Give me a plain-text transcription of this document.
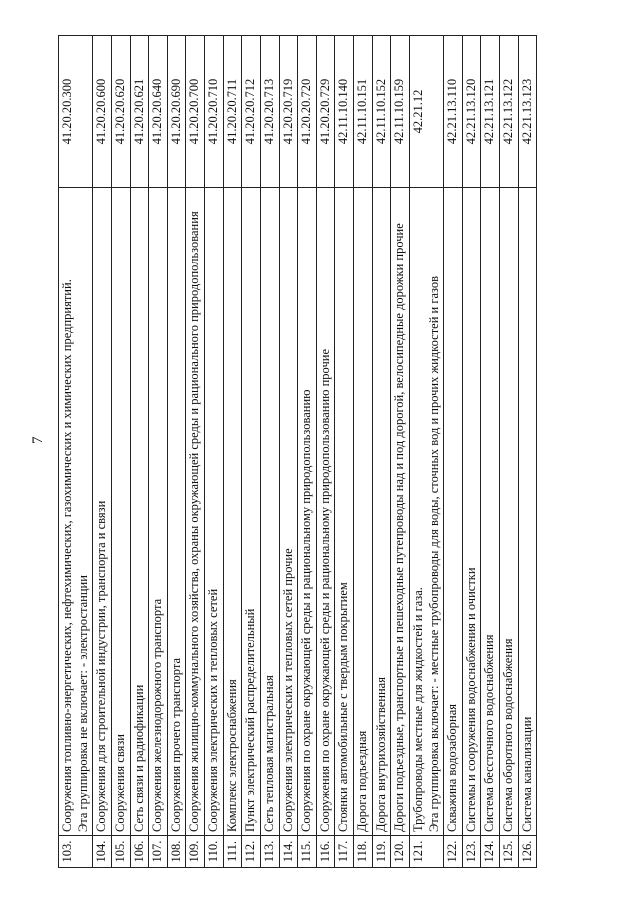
7
103.	Сооружения топливно-энергетических, нефтехимических, газохимических и химических предприятий. Эта группировка не включает: - электростанции	41.20.20.300
104.	Сооружения для строительной индустрии, транспорта и связи	41.20.20.600
105.	Сооружения связи	41.20.20.620
106.	Сеть связи и радиофикации	41.20.20.621
107.	Сооружения железнодорожного транспорта	41.20.20.640
108.	Сооружения прочего транспорта	41.20.20.690
109.	Сооружения жилищно-коммунального хозяйства, охраны окружающей среды и рационального природопользования	41.20.20.700
110.	Сооружения электрических и тепловых сетей	41.20.20.710
111.	Комплекс электроснабжения	41.20.20.711
112.	Пункт электрический распределительный	41.20.20.712
113.	Сеть тепловая магистральная	41.20.20.713
114.	Сооружения электрических и тепловых сетей прочие	41.20.20.719
115.	Сооружения по охране окружающей среды и рациональному природопользованию	41.20.20.720
116.	Сооружения по охране окружающей среды и рациональному природопользованию прочие	41.20.20.729
117.	Стоянки автомобильные с твердым покрытием	42.11.10.140
118.	Дорога подъездная	42.11.10.151
119.	Дорога внутрихозяйственная	42.11.10.152
120.	Дороги подъездные, транспортные и пешеходные путепроводы над и под дорогой, велосипедные дорожки прочие	42.11.10.159
121.	Трубопроводы местные для жидкостей и газа. Эта группировка включает: - местные трубопроводы для воды, сточных вод и прочих жидкостей и газов	42.21.12
122.	Скважина водозаборная	42.21.13.110
123.	Системы и сооружения водоснабжения и очистки	42.21.13.120
124.	Система бессточного водоснабжения	42.21.13.121
125.	Система оборотного водоснабжения	42.21.13.122
126.	Система канализации	42.21.13.123
